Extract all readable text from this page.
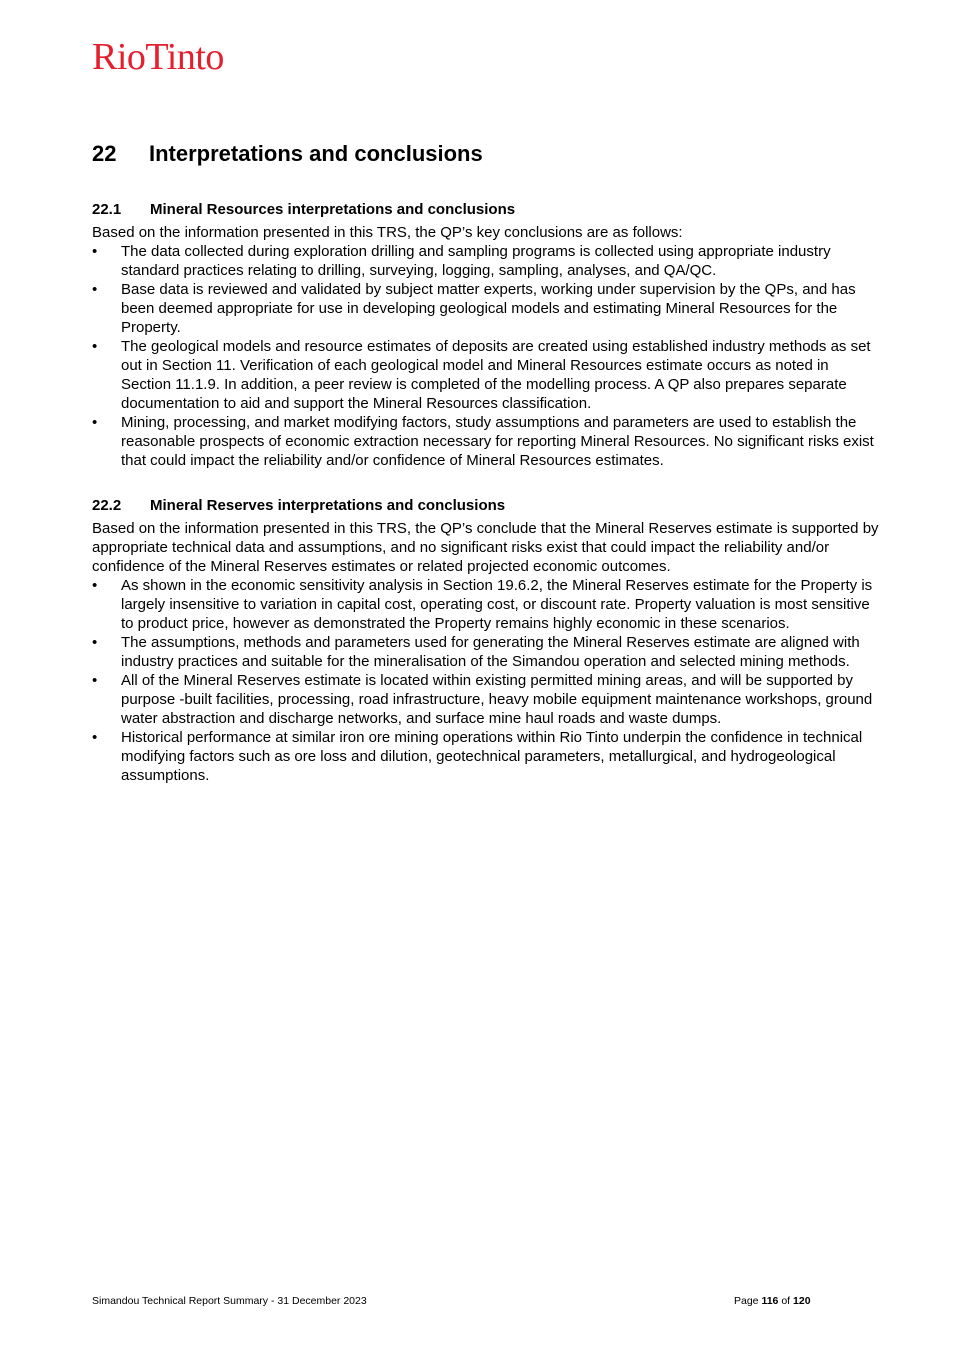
RioTinto
22	Interpretations and conclusions
22.1	Mineral Resources interpretations and conclusions

Based on the information presented in this TRS, the QP’s key conclusions are as follows:

•	The data collected during exploration drilling and sampling programs is collected using appropriate industry standard practices relating to drilling, surveying, logging, sampling, analyses, and QA/QC.
•	Base data is reviewed and validated by subject matter experts, working under supervision by the QPs, and has been deemed appropriate for use in developing geological models and estimating Mineral Resources for the Property.
•	The geological models and resource estimates of deposits are created using established industry methods as set out in Section 11. Verification of each geological model and Mineral Resources estimate occurs as noted in Section 11.1.9. In addition, a peer review is completed of the modelling process. A QP also prepares separate documentation to aid and support the Mineral Resources classification.
•	Mining, processing, and market modifying factors, study assumptions and parameters are used to establish the reasonable prospects of economic extraction necessary for reporting Mineral Resources. No significant risks exist that could impact the reliability and/or confidence of Mineral Resources estimates.
22.2	Mineral Reserves interpretations and conclusions

Based on the information presented in this TRS, the QP’s conclude that the Mineral Reserves estimate is supported by appropriate technical data and assumptions, and no significant risks exist that could impact the reliability and/or confidence of the Mineral Reserves estimates or related projected economic outcomes.

•	As shown in the economic sensitivity analysis in Section 19.6.2, the Mineral Reserves estimate for the Property is largely insensitive to variation in capital cost, operating cost, or discount rate. Property valuation is most sensitive to product price, however as demonstrated the Property remains highly economic in these scenarios.
•	The assumptions, methods and parameters used for generating the Mineral Reserves estimate are aligned with industry practices and suitable for the mineralisation of the Simandou operation and selected mining methods.
•	All of the Mineral Reserves estimate is located within existing permitted mining areas, and will be supported by purpose -built facilities, processing, road infrastructure, heavy mobile equipment maintenance workshops, ground water abstraction and discharge networks, and surface mine haul roads and waste dumps.
•	Historical performance at similar iron ore mining operations within Rio Tinto underpin the confidence in technical modifying factors such as ore loss and dilution, geotechnical parameters, metallurgical, and hydrogeological assumptions.
Simandou Technical Report Summary - 31 December 2023	Page 116 of 120
